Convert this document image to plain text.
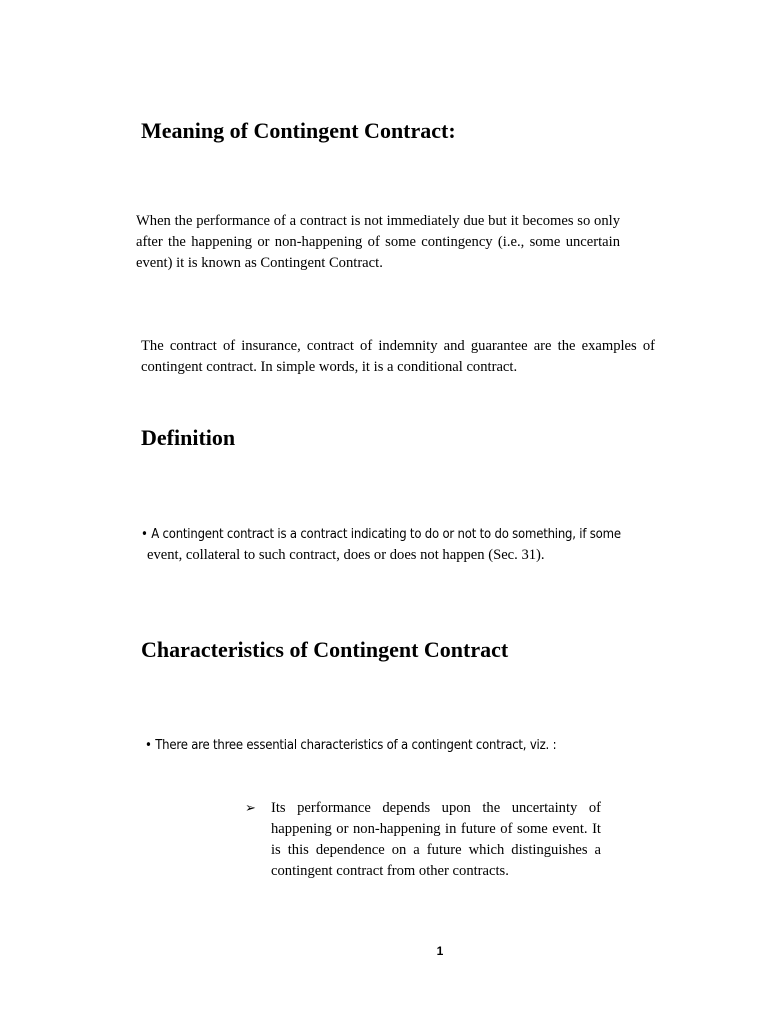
Meaning of Contingent Contract:

When the performance of a contract is not immediately due but it becomes so only after the happening or non-happening of some contingency (i.e., some uncertain event) it is known as Contingent Contract.

The contract of insurance, contract of indemnity and guarantee are the examples of contingent contract. In simple words, it is a conditional contract.

Definition
• A contingent contract is a contract indicating to do or not to do something, if some
event, collateral to such contract, does or does not happen (Sec. 31).
Characteristics of Contingent Contract
• There are three essential characteristics of a contingent contract, viz. :
➢	Its performance depends upon the uncertainty of happening or non-happening in future of some event. It is this dependence on a future which distinguishes a contingent contract from other contracts.

1
